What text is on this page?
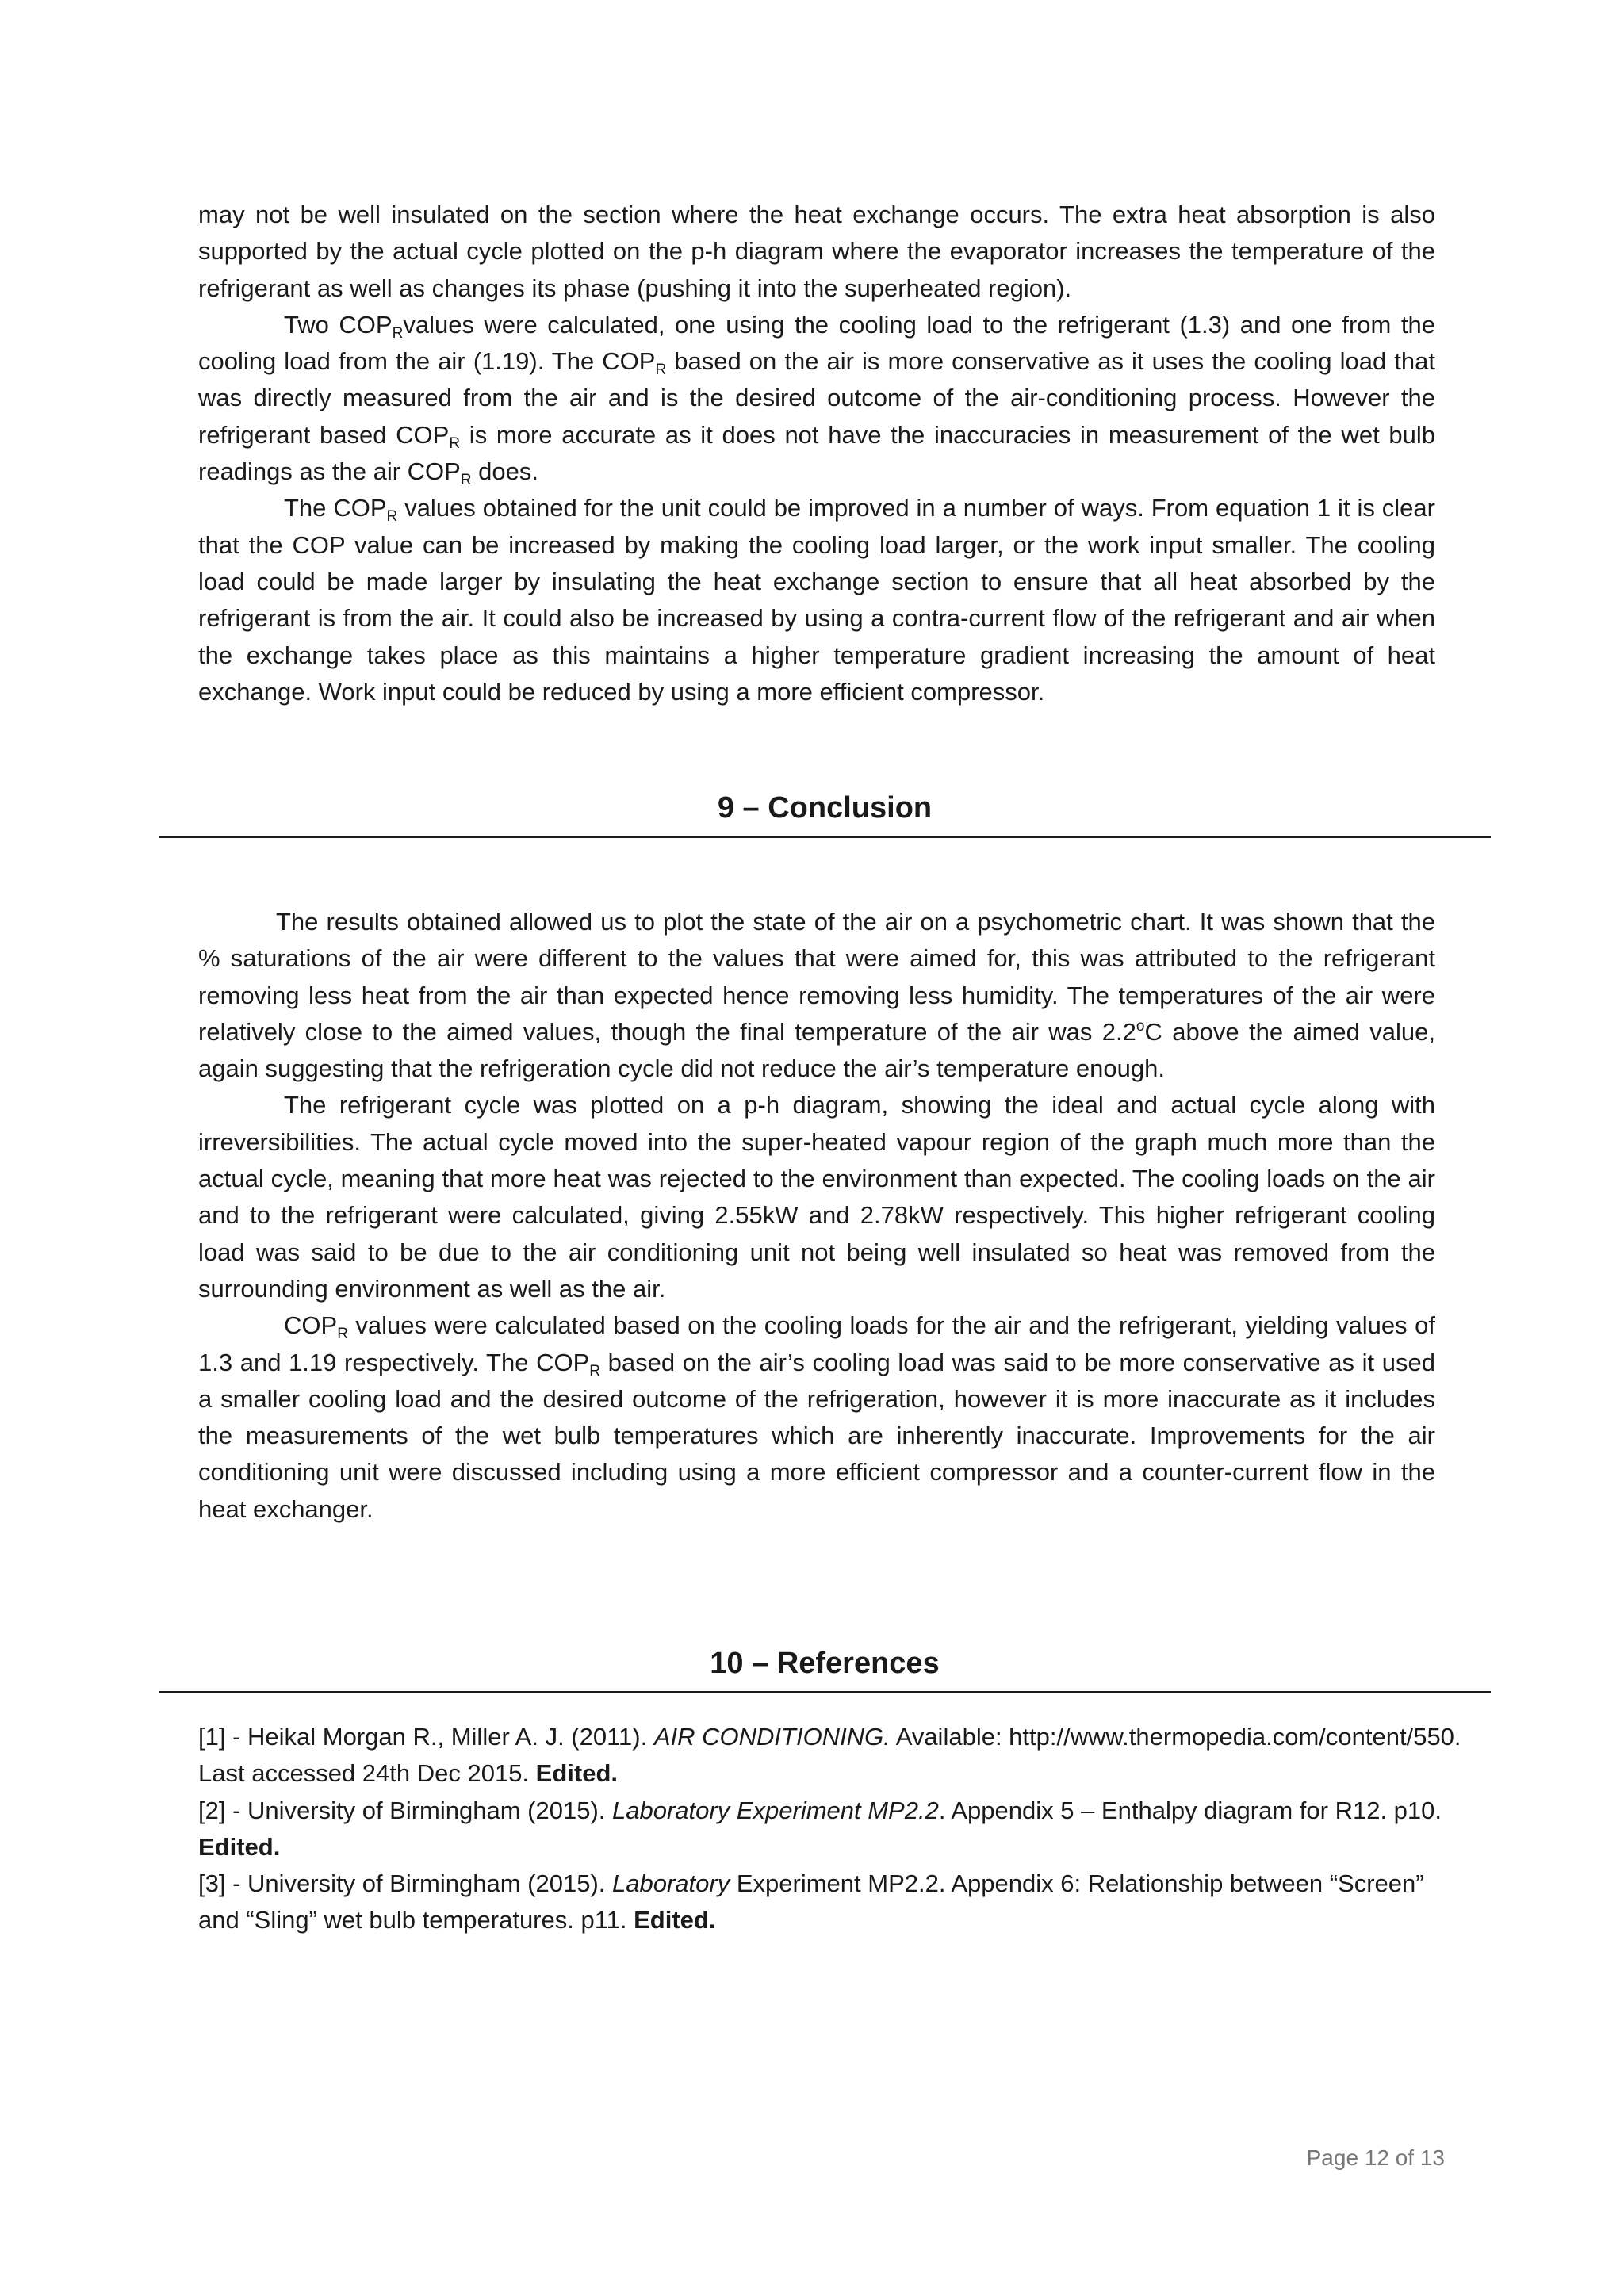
may not be well insulated on the section where the heat exchange occurs. The extra heat absorption is also supported by the actual cycle plotted on the p-h diagram where the evaporator increases the temperature of the refrigerant as well as changes its phase (pushing it into the superheated region).

Two $COP_Rvalues$ were calculated, one using the cooling load to the refrigerant (1.3) and one from the cooling load from the air (1.19). The $COP_R$ based on the air is more conservative as it uses the cooling load that was directly measured from the air and is the desired outcome of the air-conditioning process. However the refrigerant based $COP_R$ is more accurate as it does not have the inaccuracies in measurement of the wet bulb readings as the air $COP_R$ does.

The $COP_R$ values obtained for the unit could be improved in a number of ways. From equation 1 it is clear that the COP value can be increased by making the cooling load larger, or the work input smaller. The cooling load could be made larger by insulating the heat exchange section to ensure that all heat absorbed by the refrigerant is from the air. It could also be increased by using a contra-current flow of the refrigerant and air when the exchange takes place as this maintains a higher temperature gradient increasing the amount of heat exchange. Work input could be reduced by using a more efficient compressor.

9 – Conclusion

The results obtained allowed us to plot the state of the air on a psychometric chart. It was shown that the % saturations of the air were different to the values that were aimed for, this was attributed to the refrigerant removing less heat from the air than expected hence removing less humidity. The temperatures of the air were relatively close to the aimed values, though the final temperature of the air was 2.2$^o$C above the aimed value, again suggesting that the refrigeration cycle did not reduce the air’s temperature enough.

The refrigerant cycle was plotted on a p-h diagram, showing the ideal and actual cycle along with irreversibilities. The actual cycle moved into the super-heated vapour region of the graph much more than the actual cycle, meaning that more heat was rejected to the environment than expected. The cooling loads on the air and to the refrigerant were calculated, giving 2.55kW and 2.78kW respectively. This higher refrigerant cooling load was said to be due to the air conditioning unit not being well insulated so heat was removed from the surrounding environment as well as the air.

$COP_R$ values were calculated based on the cooling loads for the air and the refrigerant, yielding values of 1.3 and 1.19 respectively. The $COP_R$ based on the air’s cooling load was said to be more conservative as it used a smaller cooling load and the desired outcome of the refrigeration, however it is more inaccurate as it includes the measurements of the wet bulb temperatures which are inherently inaccurate. Improvements for the air conditioning unit were discussed including using a more efficient compressor and a counter-current flow in the heat exchanger.

10 – References
[1] - Heikal Morgan R., Miller A. J. (2011). AIR CONDITIONING. Available: http://www.thermopedia.com/content/550. Last accessed 24th Dec 2015. Edited.
[2] - University of Birmingham (2015). Laboratory Experiment MP2.2. Appendix 5 – Enthalpy diagram for R12. p10. Edited.
[3] - University of Birmingham (2015). Laboratory Experiment MP2.2. Appendix 6: Relationship between “Screen” and “Sling” wet bulb temperatures. p11. Edited.
Page 12 of 13
